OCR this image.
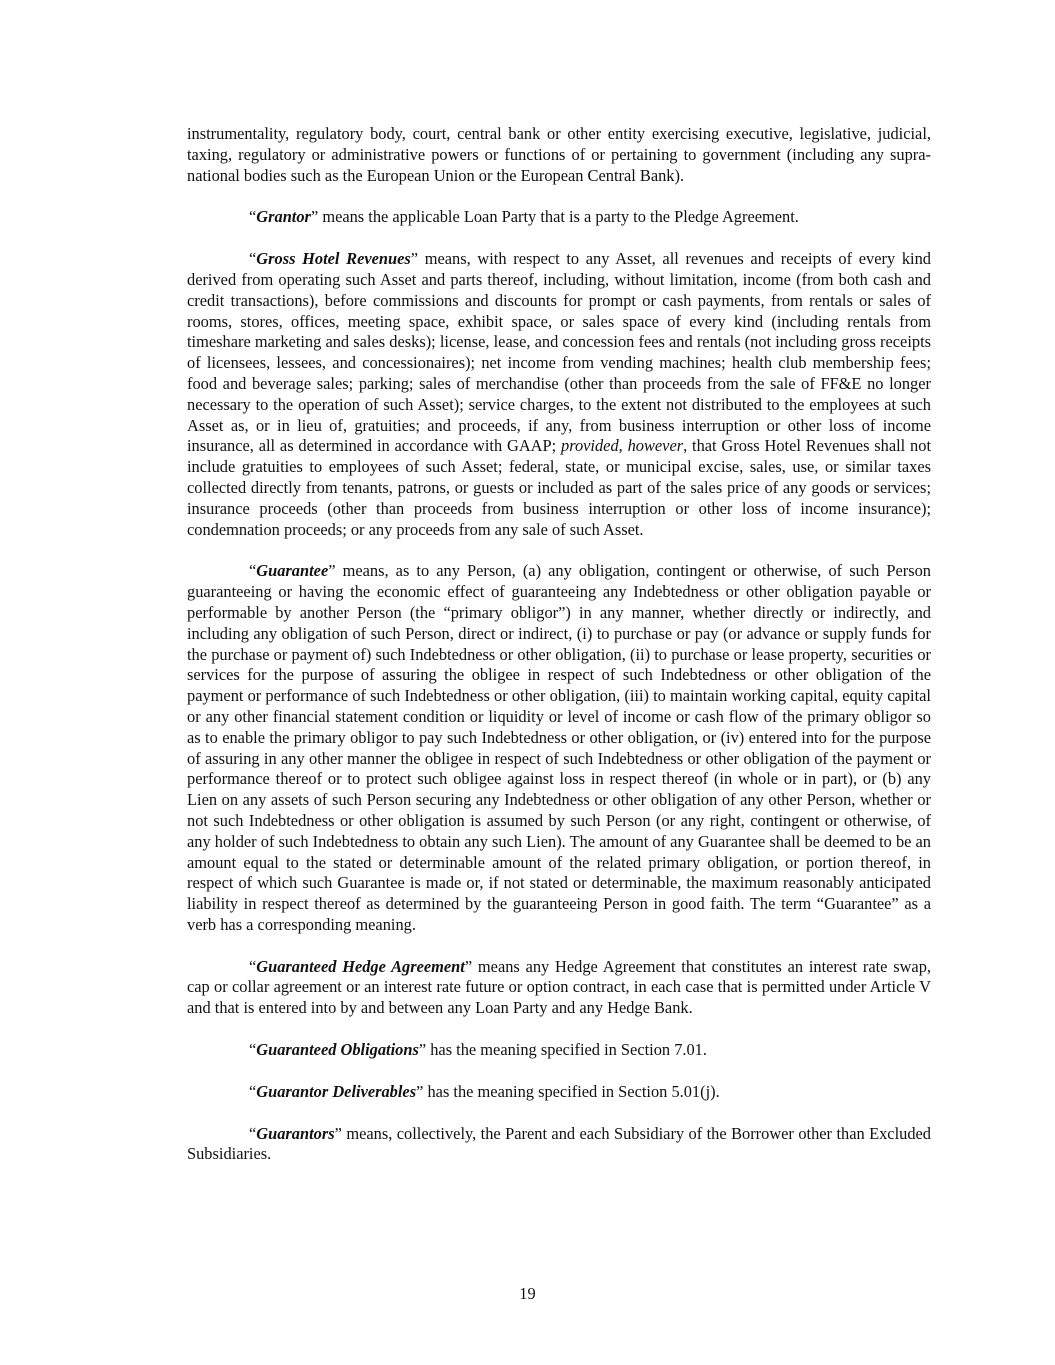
instrumentality, regulatory body, court, central bank or other entity exercising executive, legislative, judicial, taxing, regulatory or administrative powers or functions of or pertaining to government (including any supra-national bodies such as the European Union or the European Central Bank).

“Grantor” means the applicable Loan Party that is a party to the Pledge Agreement.

“Gross Hotel Revenues” means, with respect to any Asset, all revenues and receipts of every kind derived from operating such Asset and parts thereof, including, without limitation, income (from both cash and credit transactions), before commissions and discounts for prompt or cash payments, from rentals or sales of rooms, stores, offices, meeting space, exhibit space, or sales space of every kind (including rentals from timeshare marketing and sales desks); license, lease, and concession fees and rentals (not including gross receipts of licensees, lessees, and concessionaires); net income from vending machines; health club membership fees; food and beverage sales; parking; sales of merchandise (other than proceeds from the sale of FF&E no longer necessary to the operation of such Asset); service charges, to the extent not distributed to the employees at such Asset as, or in lieu of, gratuities; and proceeds, if any, from business interruption or other loss of income insurance, all as determined in accordance with GAAP; provided, however, that Gross Hotel Revenues shall not include gratuities to employees of such Asset; federal, state, or municipal excise, sales, use, or similar taxes collected directly from tenants, patrons, or guests or included as part of the sales price of any goods or services; insurance proceeds (other than proceeds from business interruption or other loss of income insurance); condemnation proceeds; or any proceeds from any sale of such Asset.

“Guarantee” means, as to any Person, (a) any obligation, contingent or otherwise, of such Person guaranteeing or having the economic effect of guaranteeing any Indebtedness or other obligation payable or performable by another Person (the “primary obligor”) in any manner, whether directly or indirectly, and including any obligation of such Person, direct or indirect, (i) to purchase or pay (or advance or supply funds for the purchase or payment of) such Indebtedness or other obligation, (ii) to purchase or lease property, securities or services for the purpose of assuring the obligee in respect of such Indebtedness or other obligation of the payment or performance of such Indebtedness or other obligation, (iii) to maintain working capital, equity capital or any other financial statement condition or liquidity or level of income or cash flow of the primary obligor so as to enable the primary obligor to pay such Indebtedness or other obligation, or (iv) entered into for the purpose of assuring in any other manner the obligee in respect of such Indebtedness or other obligation of the payment or performance thereof or to protect such obligee against loss in respect thereof (in whole or in part), or (b) any Lien on any assets of such Person securing any Indebtedness or other obligation of any other Person, whether or not such Indebtedness or other obligation is assumed by such Person (or any right, contingent or otherwise, of any holder of such Indebtedness to obtain any such Lien). The amount of any Guarantee shall be deemed to be an amount equal to the stated or determinable amount of the related primary obligation, or portion thereof, in respect of which such Guarantee is made or, if not stated or determinable, the maximum reasonably anticipated liability in respect thereof as determined by the guaranteeing Person in good faith. The term “Guarantee” as a verb has a corresponding meaning.

“Guaranteed Hedge Agreement” means any Hedge Agreement that constitutes an interest rate swap, cap or collar agreement or an interest rate future or option contract, in each case that is permitted under Article V and that is entered into by and between any Loan Party and any Hedge Bank.

“Guaranteed Obligations” has the meaning specified in Section 7.01.

“Guarantor Deliverables” has the meaning specified in Section 5.01(j).

“Guarantors” means, collectively, the Parent and each Subsidiary of the Borrower other than Excluded Subsidiaries.

19
